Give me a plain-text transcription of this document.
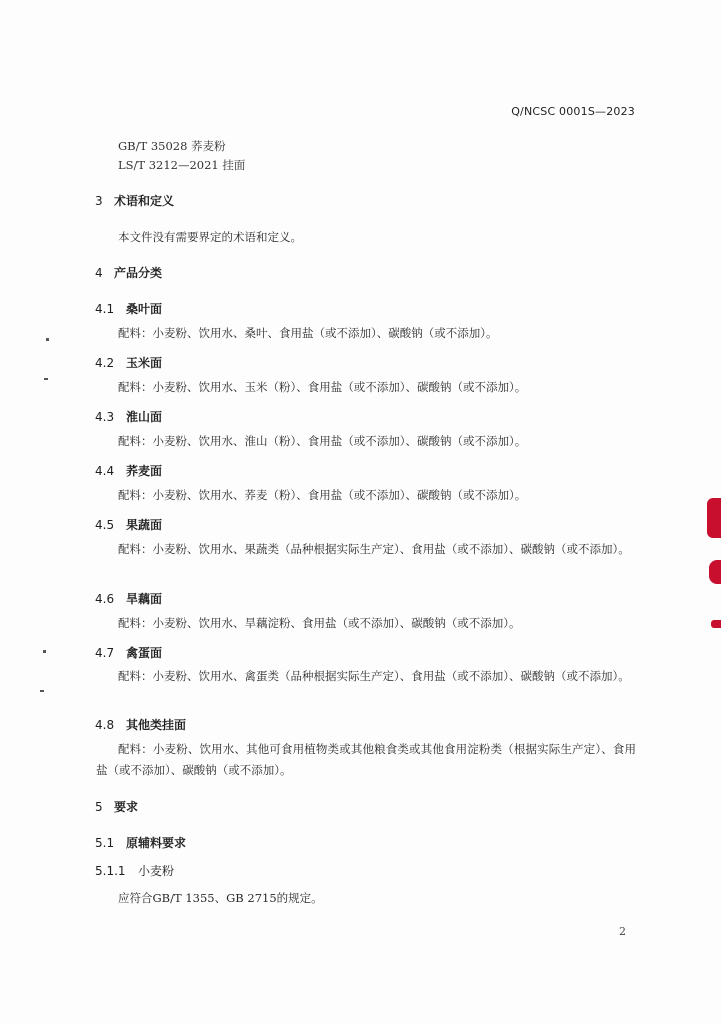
Q/NCSC 0001S—2023
GB/T 35028 荞麦粉
LS/T 3212—2021 挂面
3 术语和定义
本文件没有需要界定的术语和定义。
4 产品分类
4.1 桑叶面
配料：小麦粉、饮用水、桑叶、食用盐（或不添加）、碳酸钠（或不添加）。
4.2 玉米面
配料：小麦粉、饮用水、玉米（粉）、食用盐（或不添加）、碳酸钠（或不添加）。
4.3 淮山面
配料：小麦粉、饮用水、淮山（粉）、食用盐（或不添加）、碳酸钠（或不添加）。
4.4 荞麦面
配料：小麦粉、饮用水、荞麦（粉）、食用盐（或不添加）、碳酸钠（或不添加）。
4.5 果蔬面
配料：小麦粉、饮用水、果蔬类（品种根据实际生产定）、食用盐（或不添加）、碳酸钠（或不添加）。
4.6 旱藕面
配料：小麦粉、饮用水、旱藕淀粉、食用盐（或不添加）、碳酸钠（或不添加）。
4.7 禽蛋面
配料：小麦粉、饮用水、禽蛋类（品种根据实际生产定）、食用盐（或不添加）、碳酸钠（或不添加）。
4.8 其他类挂面
配料：小麦粉、饮用水、其他可食用植物类或其他粮食类或其他食用淀粉类（根据实际生产定）、食用盐（或不添加）、碳酸钠（或不添加）。
5 要求
5.1 原辅料要求
5.1.1 小麦粉
应符合GB/T 1355、GB 2715的规定。
2
